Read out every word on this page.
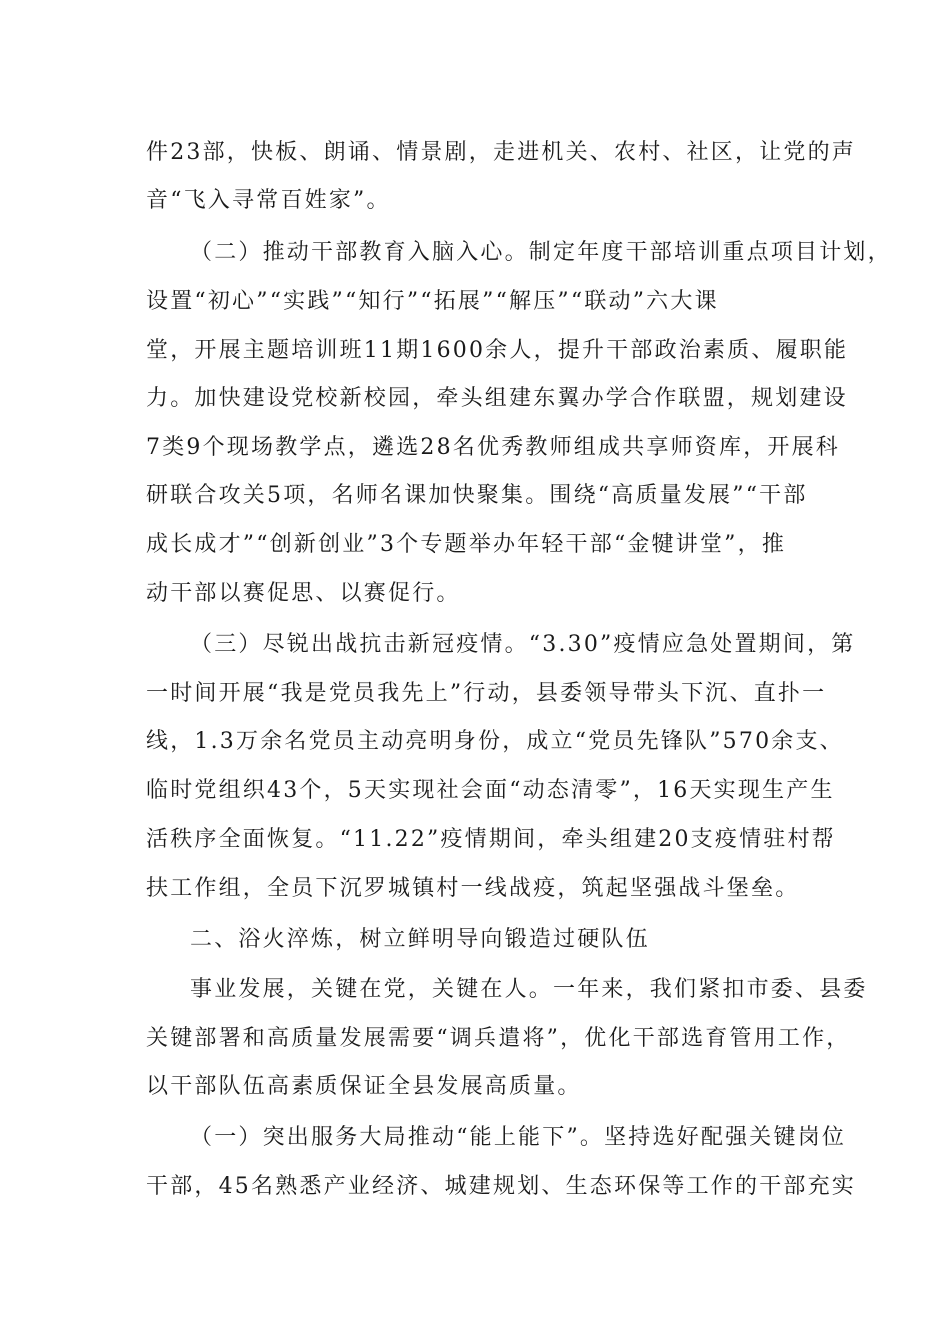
件23部，快板、朗诵、情景剧，走进机关、农村、社区，让党的声
音“飞入寻常百姓家”。
（二）推动干部教育入脑入心。制定年度干部培训重点项目计划，
设置“初心”“实践”“知行”“拓展”“解压”“联动”六大课
堂，开展主题培训班11期1600余人，提升干部政治素质、履职能
力。加快建设党校新校园，牵头组建东翼办学合作联盟，规划建设
7类9个现场教学点，遴选28名优秀教师组成共享师资库，开展科
研联合攻关5项，名师名课加快聚集。围绕“高质量发展”“干部
成长成才”“创新创业”3个专题举办年轻干部“金犍讲堂”，推
动干部以赛促思、以赛促行。
（三）尽锐出战抗击新冠疫情。“3.30”疫情应急处置期间，第
一时间开展“我是党员我先上”行动，县委领导带头下沉、直扑一
线，1.3万余名党员主动亮明身份，成立“党员先锋队”570余支、
临时党组织43个，5天实现社会面“动态清零”，16天实现生产生
活秩序全面恢复。“11.22”疫情期间，牵头组建20支疫情驻村帮
扶工作组，全员下沉罗城镇村一线战疫，筑起坚强战斗堡垒。
二、浴火淬炼，树立鲜明导向锻造过硬队伍
事业发展，关键在党，关键在人。一年来，我们紧扣市委、县委
关键部署和高质量发展需要“调兵遣将”，优化干部选育管用工作，
以干部队伍高素质保证全县发展高质量。
（一）突出服务大局推动“能上能下”。坚持选好配强关键岗位
干部，45名熟悉产业经济、城建规划、生态环保等工作的干部充实
